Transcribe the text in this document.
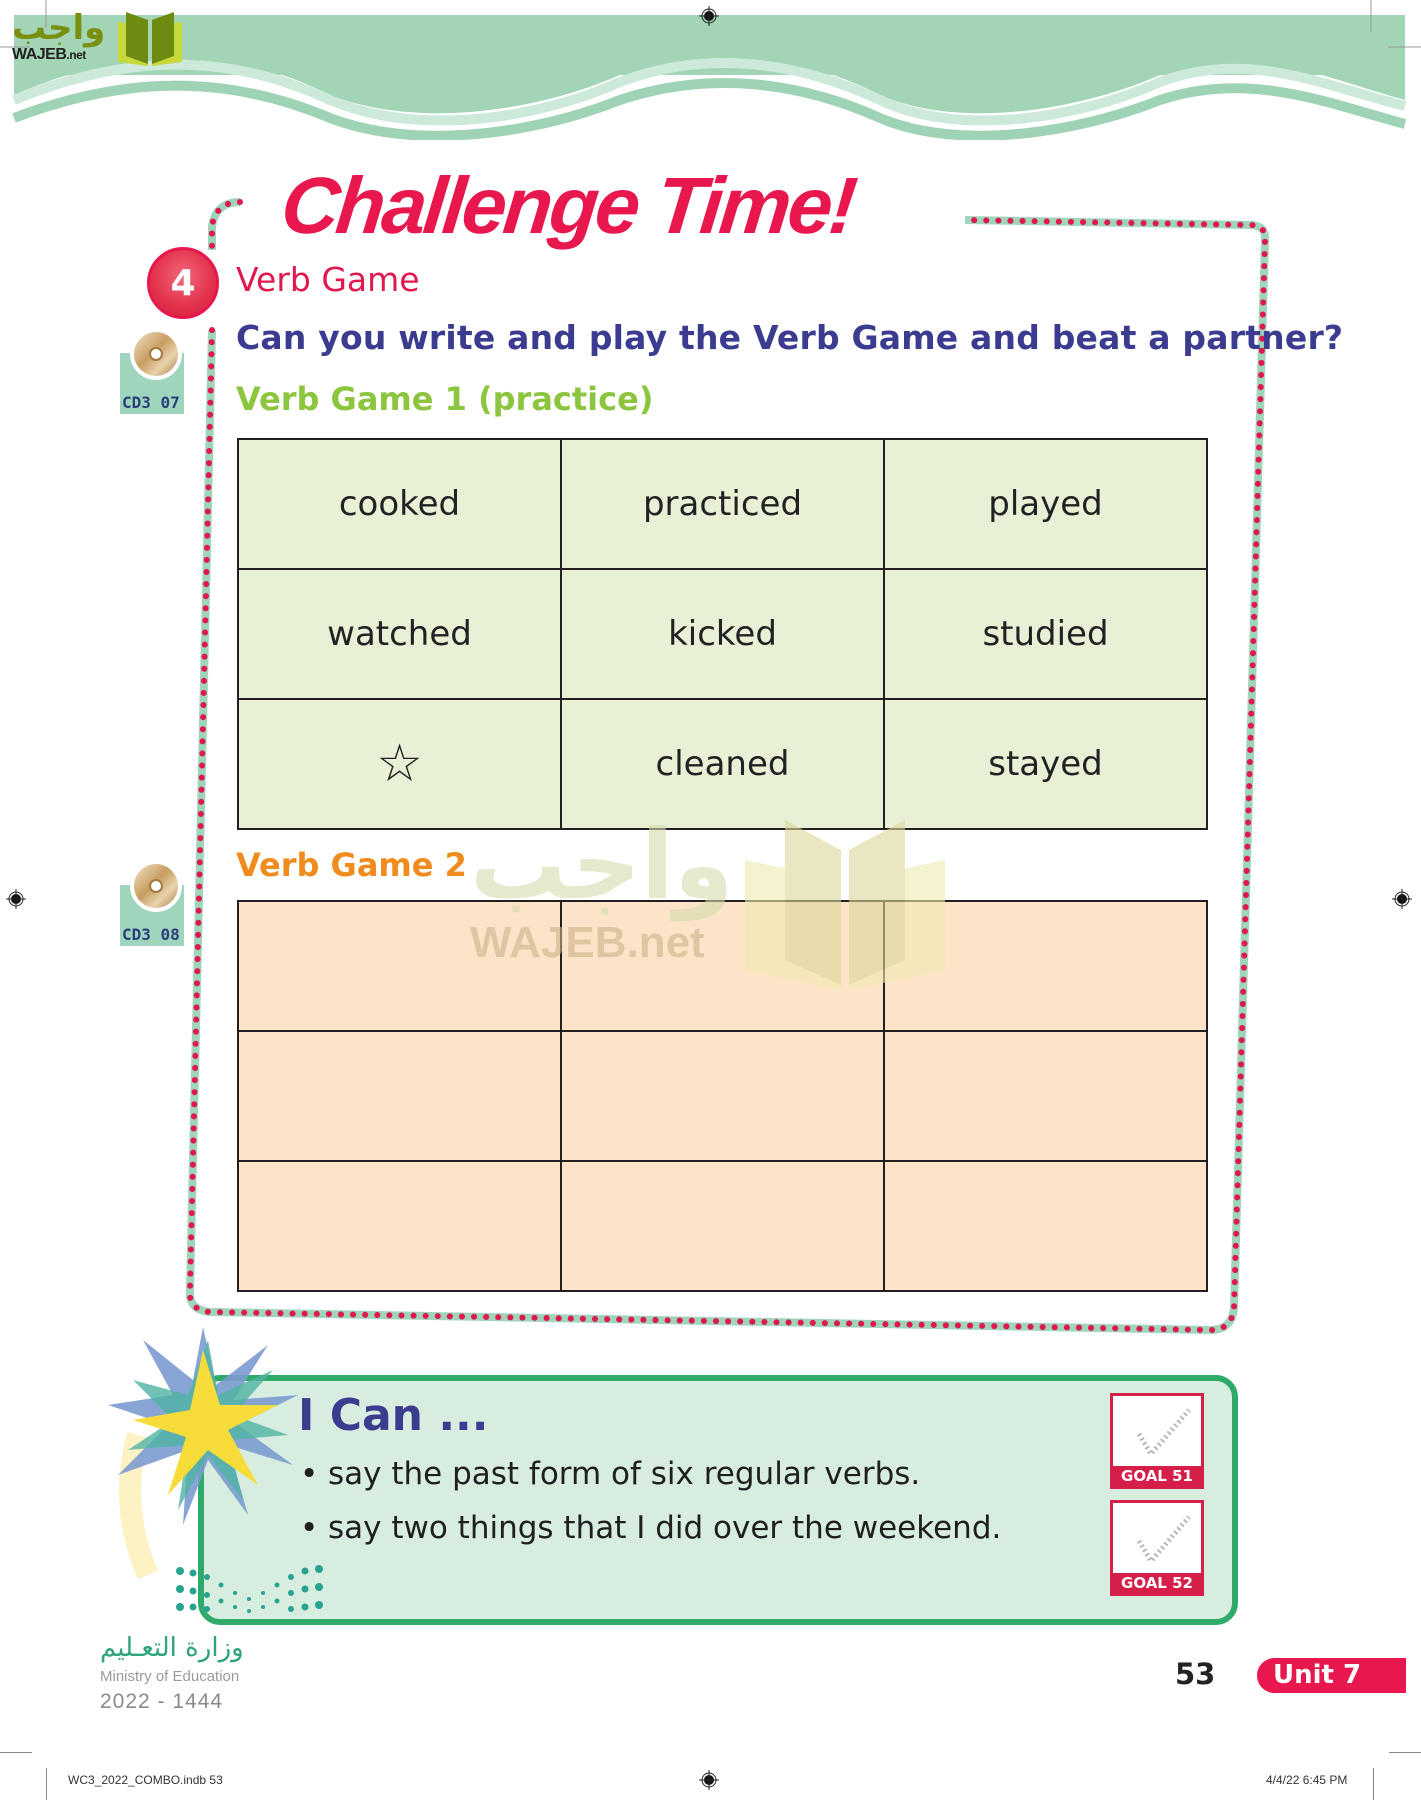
واجب
WAJEB.net
Challenge Time!
4	Verb Game
Can you write and play the Verb Game and beat a partner?
CD3 07 Verb Game 1 (practice)
cooked	practiced	played
watched	kicked	studied
☆	cleaned	stayed
CD3 08
Verb Game 2

		واجب
WAJEB.net
I Can ...
• say the past form of six regular verbs.
• say two things that I did over the weekend.
GOAL 51
GOAL 52
وزارة التعـليم
Ministry of Education
2022 - 1444
53	Unit 7
WC3_2022_COMBO.indb 53	4/4/22 6:45 PM
